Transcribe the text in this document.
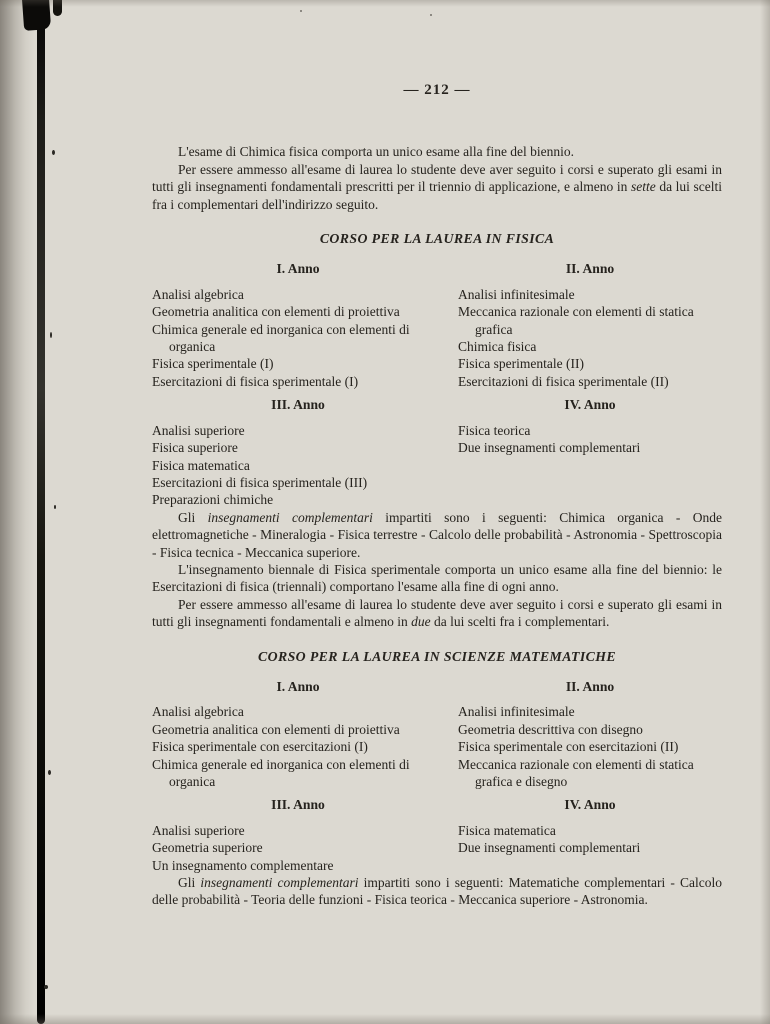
— 212 —

L'esame di Chimica fisica comporta un unico esame alla fine del biennio.

Per essere ammesso all'esame di laurea lo studente deve aver seguito i corsi e superato gli esami in tutti gli insegnamenti fondamentali prescritti per il triennio di applicazione, e almeno in sette da lui scelti fra i complementari dell'indirizzo seguito.

CORSO PER LA LAUREA IN FISICA
I. Anno
Analisi algebrica
Geometria analitica con elementi di proiettiva
Chimica generale ed inorganica con elementi di organica
Fisica sperimentale (I)
Esercitazioni di fisica sperimentale (I)
II. Anno
Analisi infinitesimale
Meccanica razionale con elementi di statica grafica
Chimica fisica
Fisica sperimentale (II)
Esercitazioni di fisica sperimentale (II)
III. Anno
Analisi superiore
Fisica superiore
Fisica matematica
Esercitazioni di fisica sperimentale (III)
Preparazioni chimiche
IV. Anno
Fisica teorica
Due insegnamenti complementari

Gli insegnamenti complementari impartiti sono i seguenti: Chimica organica - Onde elettromagnetiche - Mineralogia - Fisica terrestre - Calcolo delle probabilità - Astronomia - Spettroscopia - Fisica tecnica - Meccanica superiore.

L'insegnamento biennale di Fisica sperimentale comporta un unico esame alla fine del biennio: le Esercitazioni di fisica (triennali) comportano l'esame alla fine di ogni anno.

Per essere ammesso all'esame di laurea lo studente deve aver seguito i corsi e superato gli esami in tutti gli insegnamenti fondamentali e almeno in due da lui scelti fra i complementari.

CORSO PER LA LAUREA IN SCIENZE MATEMATICHE
I. Anno
Analisi algebrica
Geometria analitica con elementi di proiettiva
Fisica sperimentale con esercitazioni (I)
Chimica generale ed inorganica con elementi di organica
II. Anno
Analisi infinitesimale
Geometria descrittiva con disegno
Fisica sperimentale con esercitazioni (II)
Meccanica razionale con elementi di statica grafica e disegno
III. Anno
Analisi superiore
Geometria superiore
Un insegnamento complementare
IV. Anno
Fisica matematica
Due insegnamenti complementari

Gli insegnamenti complementari impartiti sono i seguenti: Matematiche complementari - Calcolo delle probabilità - Teoria delle funzioni - Fisica teorica - Meccanica superiore - Astronomia.
